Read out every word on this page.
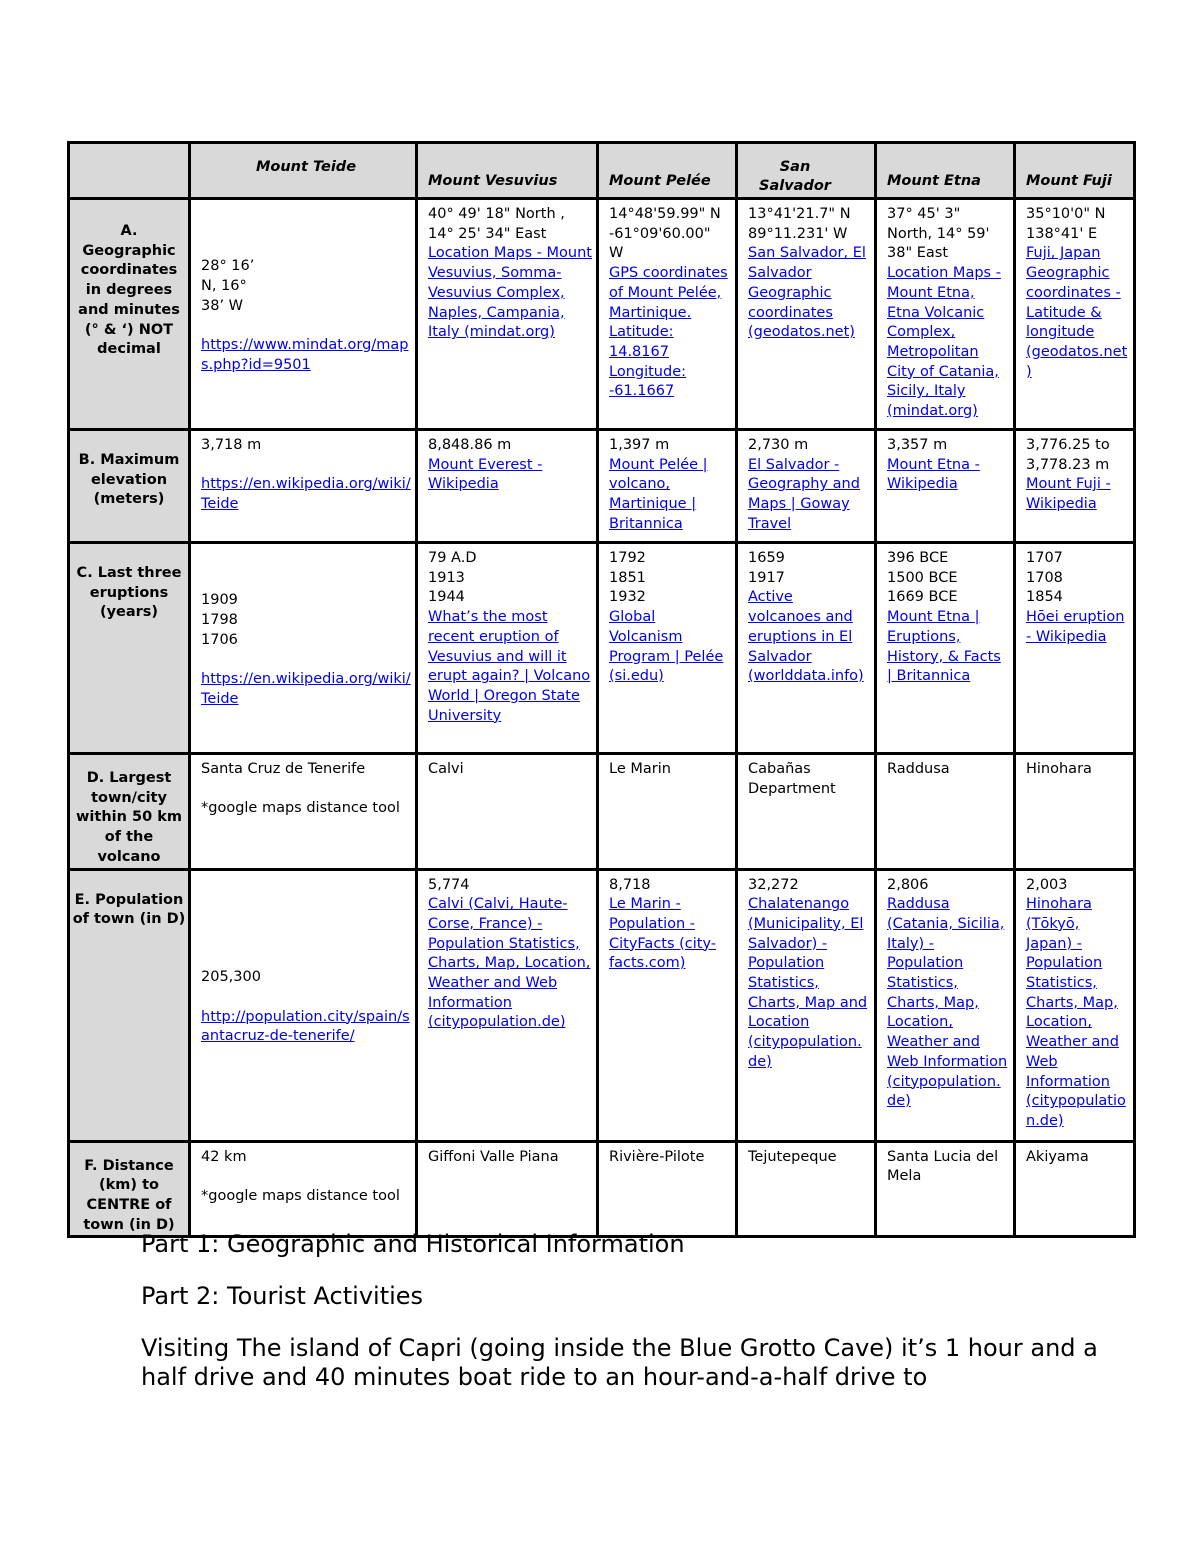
	Mount Teide	Mount Vesuvius	Mount Pelée	San Salvador	Mount Etna	Mount Fuji
A. Geographic coordinates in degrees and minutes (° & ‘) NOT decimal	28° 16’
N, 16°
38’ W
https://www.mindat.org/maps.php?id=9501	40° 49' 18" North ,
14° 25' 34" East
Location Maps - Mount Vesuvius, Somma-Vesuvius Complex, Naples, Campania, Italy (mindat.org)	14°48'59.99" N
-61°09'60.00"
W
GPS coordinates of Mount Pelée, Martinique. Latitude: 14.8167 Longitude: -61.1667	13°41'21.7" N
89°11.231' W
San Salvador, El Salvador Geographic coordinates (geodatos.net)	37° 45' 3"
North, 14° 59'
38" East
Location Maps - Mount Etna, Etna Volcanic Complex, Metropolitan City of Catania, Sicily, Italy (mindat.org)	35°10'0" N
138°41' E
Fuji, Japan Geographic coordinates - Latitude & longitude (geodatos.net)

B. Maximum elevation (meters)	3,718 m
https://en.wikipedia.org/wiki/Teide	8,848.86 m
Mount Everest - Wikipedia	1,397 m
Mount Pelée | volcano, Martinique | Britannica	2,730 m
El Salvador - Geography and Maps | Goway Travel	3,357 m
Mount Etna - Wikipedia	3,776.25 to 3,778.23 m
Mount Fuji - Wikipedia

C. Last three eruptions (years)	1909
1798
1706
https://en.wikipedia.org/wiki/Teide	79 A.D
1913
1944
What’s the most recent eruption of Vesuvius and will it erupt again? | Volcano World | Oregon State University	1792
1851
1932
Global Volcanism Program | Pelée (si.edu)	1659
1917
Active volcanoes and eruptions in El Salvador (worlddata.info)	396 BCE
1500 BCE
1669 BCE
Mount Etna | Eruptions, History, & Facts | Britannica	1707
1708
1854
Hōei eruption - Wikipedia

D. Largest town/city within 50 km of the volcano	Santa Cruz de Tenerife
*google maps distance tool	Calvi	Le Marin	Cabañas Department	Raddusa	Hinohara

E. Population of town (in D)	205,300
http://population.city/spain/santacruz-de-tenerife/	5,774
Calvi (Calvi, Haute-Corse, France) - Population Statistics, Charts, Map, Location, Weather and Web Information (citypopulation.de)	8,718
Le Marin - Population - CityFacts (city-facts.com)	32,272
Chalatenango (Municipality, El Salvador) - Population Statistics, Charts, Map and Location (citypopulation.de)	2,806
Raddusa (Catania, Sicilia, Italy) - Population Statistics, Charts, Map, Location, Weather and Web Information (citypopulation.de)	2,003
Hinohara (Tōkyō, Japan) - Population Statistics, Charts, Map, Location, Weather and Web Information (citypopulation.de)

F. Distance (km) to CENTRE of town (in D)	42 km
*google maps distance tool	Giffoni Valle Piana	Rivière-Pilote	Tejutepeque	Santa Lucia del Mela	Akiyama

Part 1: Geographic and Historical Information

Part 2: Tourist Activities

Visiting The island of Capri (going inside the Blue Grotto Cave) it’s 1 hour and a half drive and 40 minutes boat ride to an hour-and-a-half drive to
